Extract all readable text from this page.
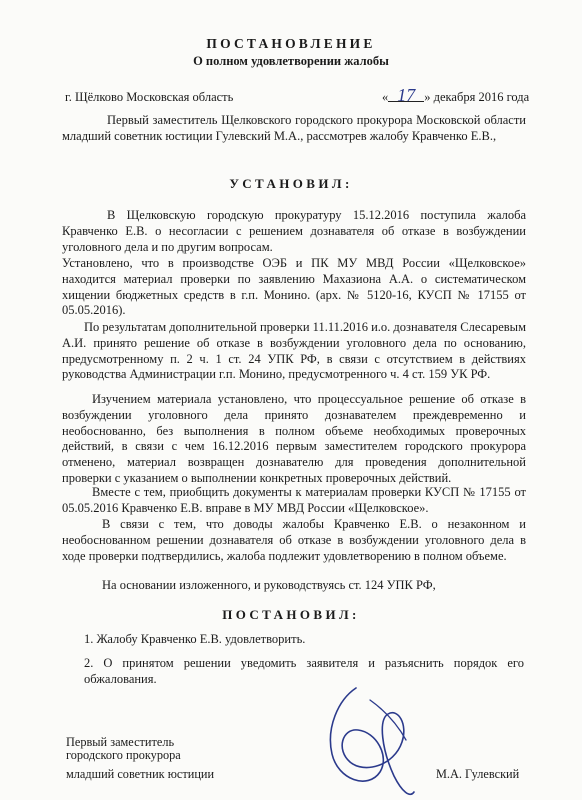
ПОСТАНОВЛЕНИЕ
О полном удовлетворении жалобы
г. Щёлково Московская область	« 17 » декабря 2016 года

Первый заместитель Щелковского городского прокурора Московской области младший советник юстиции Гулевский М.А., рассмотрев жалобу Кравченко Е.В.,

УСТАНОВИЛ:

В Щелковскую городскую прокуратуру 15.12.2016 поступила жалоба Кравченко Е.В. о несогласии с решением дознавателя об отказе в возбуждении уголовного дела и по другим вопросам.

Установлено, что в производстве ОЭБ и ПК МУ МВД России «Щелковское» находится материал проверки по заявлению Махазиона А.А. о систематическом хищении бюджетных средств в г.п. Монино. (арх. № 5120-16, КУСП № 17155 от 05.05.2016).

По результатам дополнительной проверки 11.11.2016 и.о. дознавателя Слесаревым А.И. принято решение об отказе в возбуждении уголовного дела по основанию, предусмотренному п. 2 ч. 1 ст. 24 УПК РФ, в связи с отсутствием в действиях руководства Администрации г.п. Монино, предусмотренного ч. 4 ст. 159 УК РФ.

Изучением материала установлено, что процессуальное решение об отказе в возбуждении уголовного дела принято дознавателем преждевременно и необоснованно, без выполнения в полном объеме необходимых проверочных действий, в связи с чем 16.12.2016 первым заместителем городского прокурора отменено, материал возвращен дознавателю для проведения дополнительной проверки с указанием о выполнении конкретных проверочных действий.

Вместе с тем, приобщить документы к материалам проверки КУСП № 17155 от 05.05.2016 Кравченко Е.В. вправе в МУ МВД России «Щелковское».

В связи с тем, что доводы жалобы Кравченко Е.В. о незаконном и необоснованном решении дознавателя об отказе в возбуждении уголовного дела в ходе проверки подтвердились, жалоба подлежит удовлетворению в полном объеме.

На основании изложенного, и руководствуясь ст. 124 УПК РФ,

ПОСТАНОВИЛ:

1. Жалобу Кравченко Е.В. удовлетворить.

2. О принятом решении уведомить заявителя и разъяснить порядок его обжалования.

Первый заместитель
городского прокурора
младший советник юстиции	М.А. Гулевский
